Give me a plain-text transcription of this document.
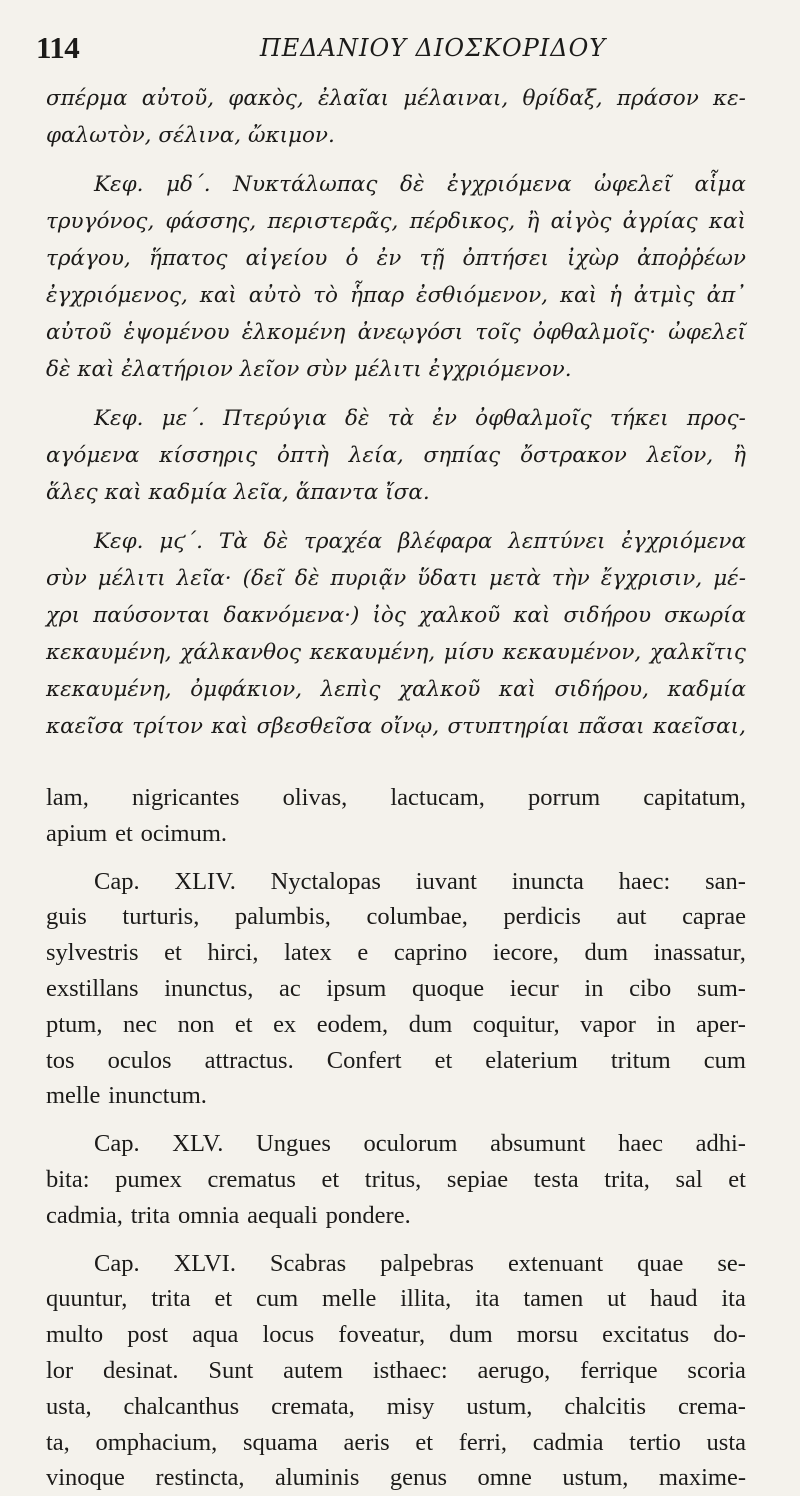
114	ΠΕΔΑΝΙΟΥ ΔΙΟΣΚΟΡΙΔΟΥ
σπέρμα αὐτοῦ, φακὸς, ἐλαῖαι μέλαιναι, θρίδαξ, πράσον κε-
φαλωτὸν, σέλινα, ὤκιμον.
Κεφ. μδ΄. Νυκτάλωπας δὲ ἐγχριόμενα ὠφελεῖ αἷμα
τρυγόνος, φάσσης, περιστερᾶς, πέρδικος, ἢ αἰγὸς ἀγρίας καὶ
τράγου, ἥπατος αἰγείου ὁ ἐν τῇ ὀπτήσει ἰχὼρ ἀποῤῥέων
ἐγχριόμενος, καὶ αὐτὸ τὸ ἧπαρ ἐσθιόμενον, καὶ ἡ ἀτμὶς ἀπ᾿
αὐτοῦ ἑψομένου ἑλκομένη ἀνεῳγόσι τοῖς ὀφθαλμοῖς· ὠφελεῖ
δὲ καὶ ἐλατήριον λεῖον σὺν μέλιτι ἐγχριόμενον.
Κεφ. με΄. Πτερύγια δὲ τὰ ἐν ὀφθαλμοῖς τήκει προς-
αγόμενα κίσσηρις ὀπτὴ λεία, σηπίας ὄστρακον λεῖον, ἢ
ἅλες καὶ καδμία λεῖα, ἅπαντα ἴσα.
Κεφ. μϛ΄. Τὰ δὲ τραχέα βλέφαρα λεπτύνει ἐγχριόμενα
σὺν μέλιτι λεῖα· (δεῖ δὲ πυριᾷν ὕδατι μετὰ τὴν ἔγχρισιν, μέ-
χρι παύσονται δακνόμενα·) ἰὸς χαλκοῦ καὶ σιδήρου σκωρία
κεκαυμένη, χάλκανθος κεκαυμένη, μίσυ κεκαυμένον, χαλκῖτις
κεκαυμένη, ὀμφάκιον, λεπὶς χαλκοῦ καὶ σιδήρου, καδμία
καεῖσα τρίτον καὶ σβεσθεῖσα οἴνῳ, στυπτηρίαι πᾶσαι καεῖσαι,
lam, nigricantes olivas, lactucam, porrum capitatum,
apium et ocimum.
Cap. XLIV. Nyctalopas iuvant inuncta haec: san-
guis turturis, palumbis, columbae, perdicis aut caprae
sylvestris et hirci, latex e caprino iecore, dum inassatur,
exstillans inunctus, ac ipsum quoque iecur in cibo sum-
ptum, nec non et ex eodem, dum coquitur, vapor in aper-
tos oculos attractus. Confert et elaterium tritum cum
melle inunctum.
Cap. XLV. Ungues oculorum absumunt haec adhi-
bita: pumex crematus et tritus, sepiae testa trita, sal et
cadmia, trita omnia aequali pondere.
Cap. XLVI. Scabras palpebras extenuant quae se-
quuntur, trita et cum melle illita, ita tamen ut haud ita
multo post aqua locus foveatur, dum morsu excitatus do-
lor desinat. Sunt autem isthaec: aerugo, ferrique scoria
usta, chalcanthus cremata, misy ustum, chalcitis crema-
ta, omphacium, squama aeris et ferri, cadmia tertio usta
vinoque restincta, aluminis genus omne ustum, maxime-
